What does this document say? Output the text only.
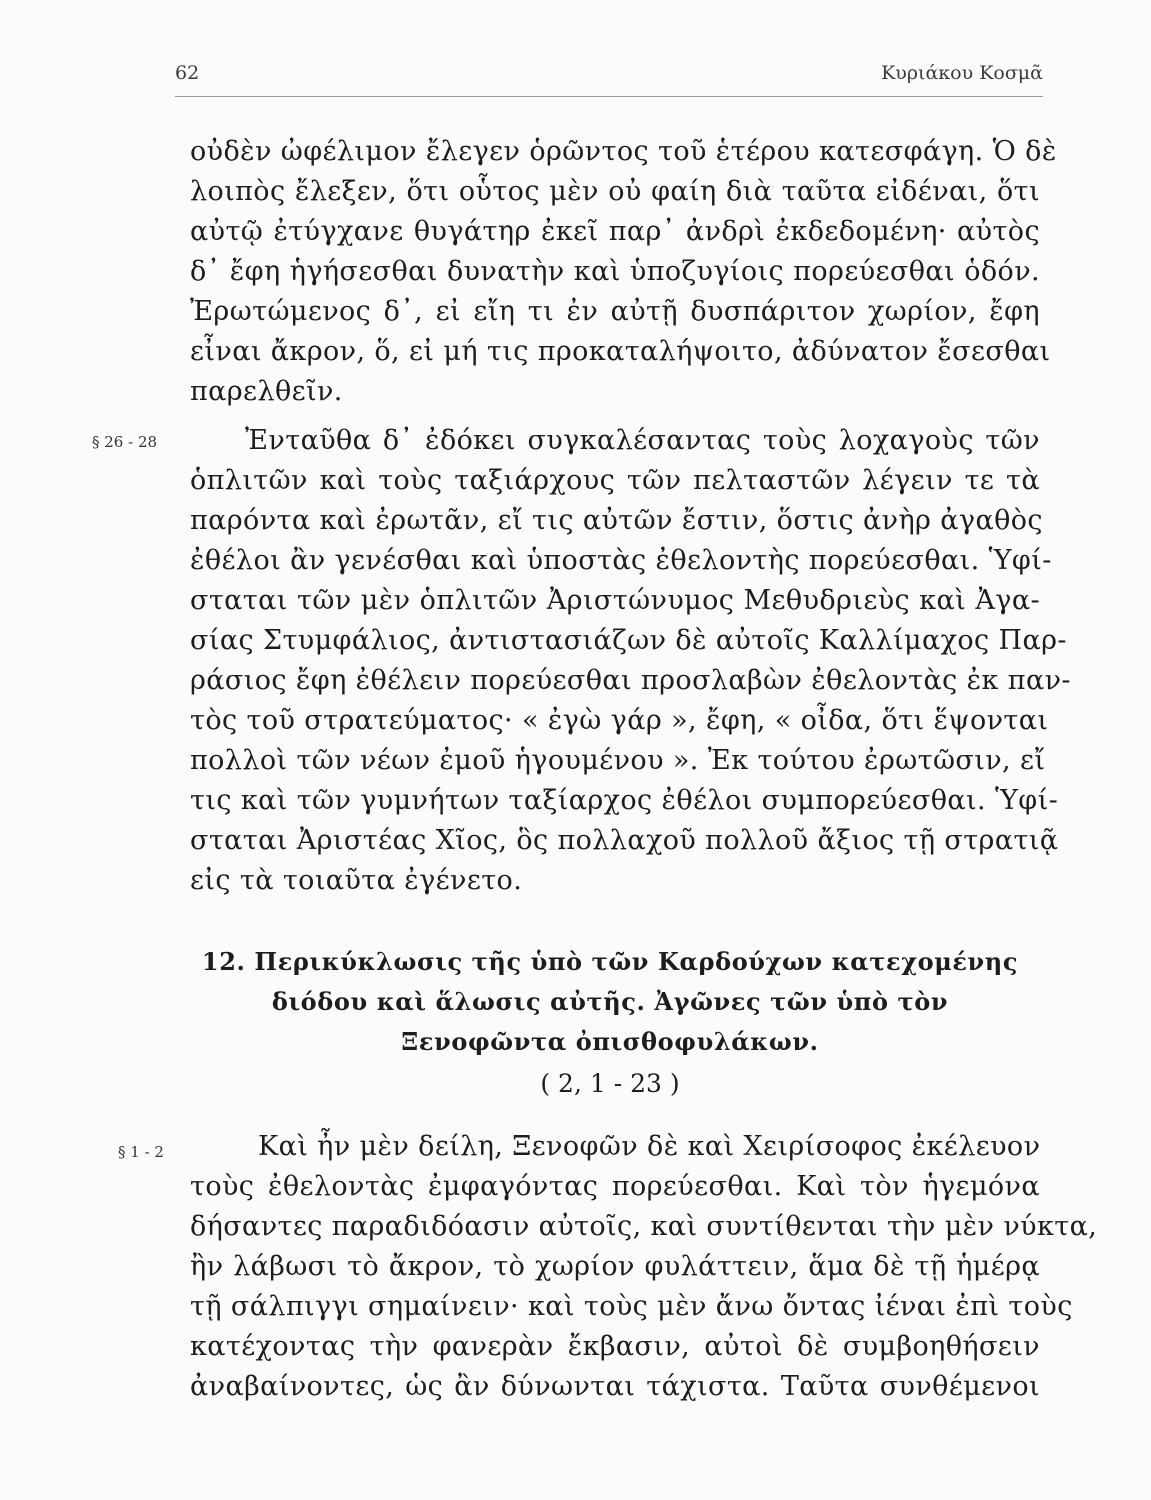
62	Κυριάκου Κοσμᾶ
οὐδὲν ὠφέλιμον ἔλεγεν ὁρῶντος τοῦ ἑτέρου κατεσφάγη. Ὁ δὲ
λοιπὸς ἔλεξεν, ὅτι οὗτος μὲν οὐ φαίη διὰ ταῦτα εἰδέναι, ὅτι
αὐτῷ ἐτύγχανε θυγάτηρ ἐκεῖ παρ᾽ ἀνδρὶ ἐκδεδομένη· αὐτὸς
δ᾽ ἔφη ἡγήσεσθαι δυνατὴν καὶ ὑποζυγίοις πορεύεσθαι ὁδόν.
Ἐρωτώμενος δ᾽, εἰ εἴη τι ἐν αὐτῇ δυσπάριτον χωρίον, ἔφη
εἶναι ἄκρον, ὅ, εἰ μή τις προκαταλήψοιτο, ἀδύνατον ἔσεσθαι
παρελθεῖν.
§ 26 - 28	Ἐνταῦθα δ᾽ ἐδόκει συγκαλέσαντας τοὺς λοχαγοὺς τῶν
ὁπλιτῶν καὶ τοὺς ταξιάρχους τῶν πελταστῶν λέγειν τε τὰ
παρόντα καὶ ἐρωτᾶν, εἴ τις αὐτῶν ἔστιν, ὅστις ἀνὴρ ἀγαθὸς
ἐθέλοι ἂν γενέσθαι καὶ ὑποστὰς ἐθελοντὴς πορεύεσθαι. Ὑφί-
σταται τῶν μὲν ὁπλιτῶν Ἀριστώνυμος Μεθυδριεὺς καὶ Ἀγα-
σίας Στυμφάλιος, ἀντιστασιάζων δὲ αὐτοῖς Καλλίμαχος Παρ-
ράσιος ἔφη ἐθέλειν πορεύεσθαι προσλαβὼν ἐθελοντὰς ἐκ παν-
τὸς τοῦ στρατεύματος· « ἐγὼ γάρ », ἔφη, « οἶδα, ὅτι ἕψονται
πολλοὶ τῶν νέων ἐμοῦ ἡγουμένου ». Ἐκ τούτου ἐρωτῶσιν, εἴ
τις καὶ τῶν γυμνήτων ταξίαρχος ἐθέλοι συμπορεύεσθαι. Ὑφί-
σταται Ἀριστέας Χῖος, ὃς πολλαχοῦ πολλοῦ ἄξιος τῇ στρατιᾷ
εἰς τὰ τοιαῦτα ἐγένετο.
12. Περικύκλωσις τῆς ὑπὸ τῶν Καρδούχων κατεχομένης
διόδου καὶ ἅλωσις αὐτῆς. Ἀγῶνες τῶν ὑπὸ τὸν
Ξενοφῶντα ὀπισθοφυλάκων.
( 2, 1 - 23 )
§ 1 - 2	Καὶ ἦν μὲν δείλη, Ξενοφῶν δὲ καὶ Χειρίσοφος ἐκέλευον
τοὺς ἐθελοντὰς ἐμφαγόντας πορεύεσθαι. Καὶ τὸν ἡγεμόνα
δήσαντες παραδιδόασιν αὐτοῖς, καὶ συντίθενται τὴν μὲν νύκτα,
ἢν λάβωσι τὸ ἄκρον, τὸ χωρίον φυλάττειν, ἅμα δὲ τῇ ἡμέρᾳ
τῇ σάλπιγγι σημαίνειν· καὶ τοὺς μὲν ἄνω ὄντας ἰέναι ἐπὶ τοὺς
κατέχοντας τὴν φανερὰν ἔκβασιν, αὐτοὶ δὲ συμβοηθήσειν
ἀναβαίνοντες, ὡς ἂν δύνωνται τάχιστα. Ταῦτα συνθέμενοι
